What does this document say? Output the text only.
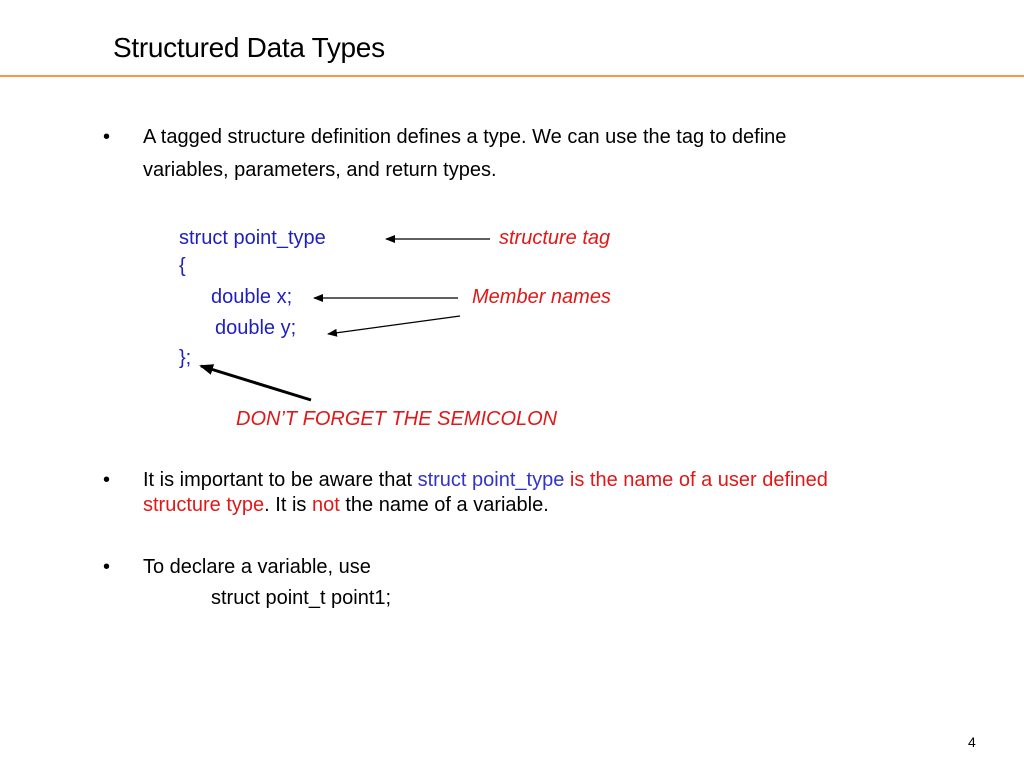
Structured Data Types
• A tagged structure definition defines a type. We can use the tag to define
variables, parameters, and return types.
struct point_type
{
double x;
double y;
};
structure tag
Member names
DON’T FORGET THE SEMICOLON
• It is important to be aware that struct point_type is the name of a user defined
structure type. It is not the name of a variable.
• To declare a variable, use
struct point_t point1;
4
